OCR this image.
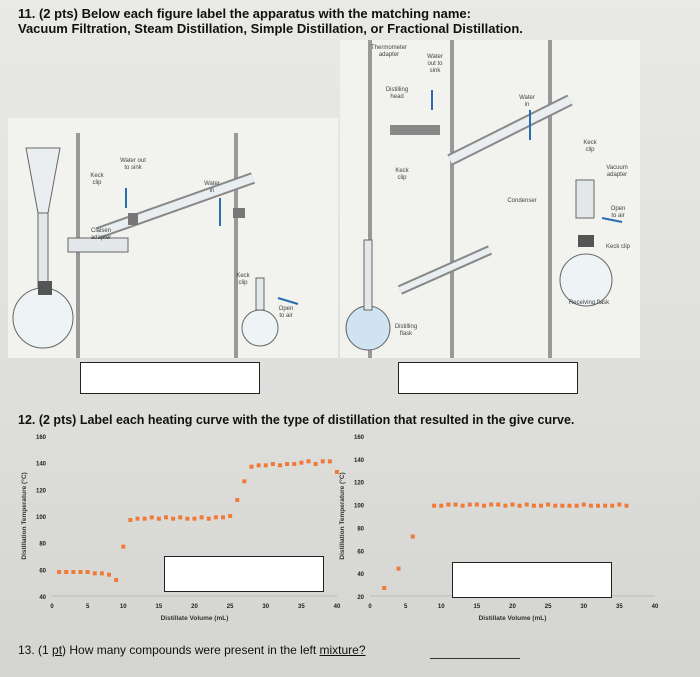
11. (2 pts) Below each figure label the apparatus with the matching name:
Vacuum Filtration, Steam Distillation, Simple Distillation, or Fractional Distillation.
Water out
to sink
Keck
clip	Water
in
Claisen
adapter
Keck
clip
Open
to air
Thermometer
adapter	Water
out to
sink
Distilling
head	Water
in
Keck
clip
Keck
clip
Vacuum
adapter
Condenser
Open
to air
Keck clip
Receiving flask
Distilling
flask
12. (2 pts) Label each heating curve with the type of distillation that resulted in the give curve.
40
60
80
100
120
140
160
0	5	10	15	20	25	30	35	40
Distillate Volume (mL)
Distillation Temperature (°C)
20
40
60
80
100
120
140
160
0	5	10	15	20	25	30	35	40
Distillate Volume (mL)
Distillation Temperature (°C)
13. (1 pt) How many compounds were present in the left mixture?
